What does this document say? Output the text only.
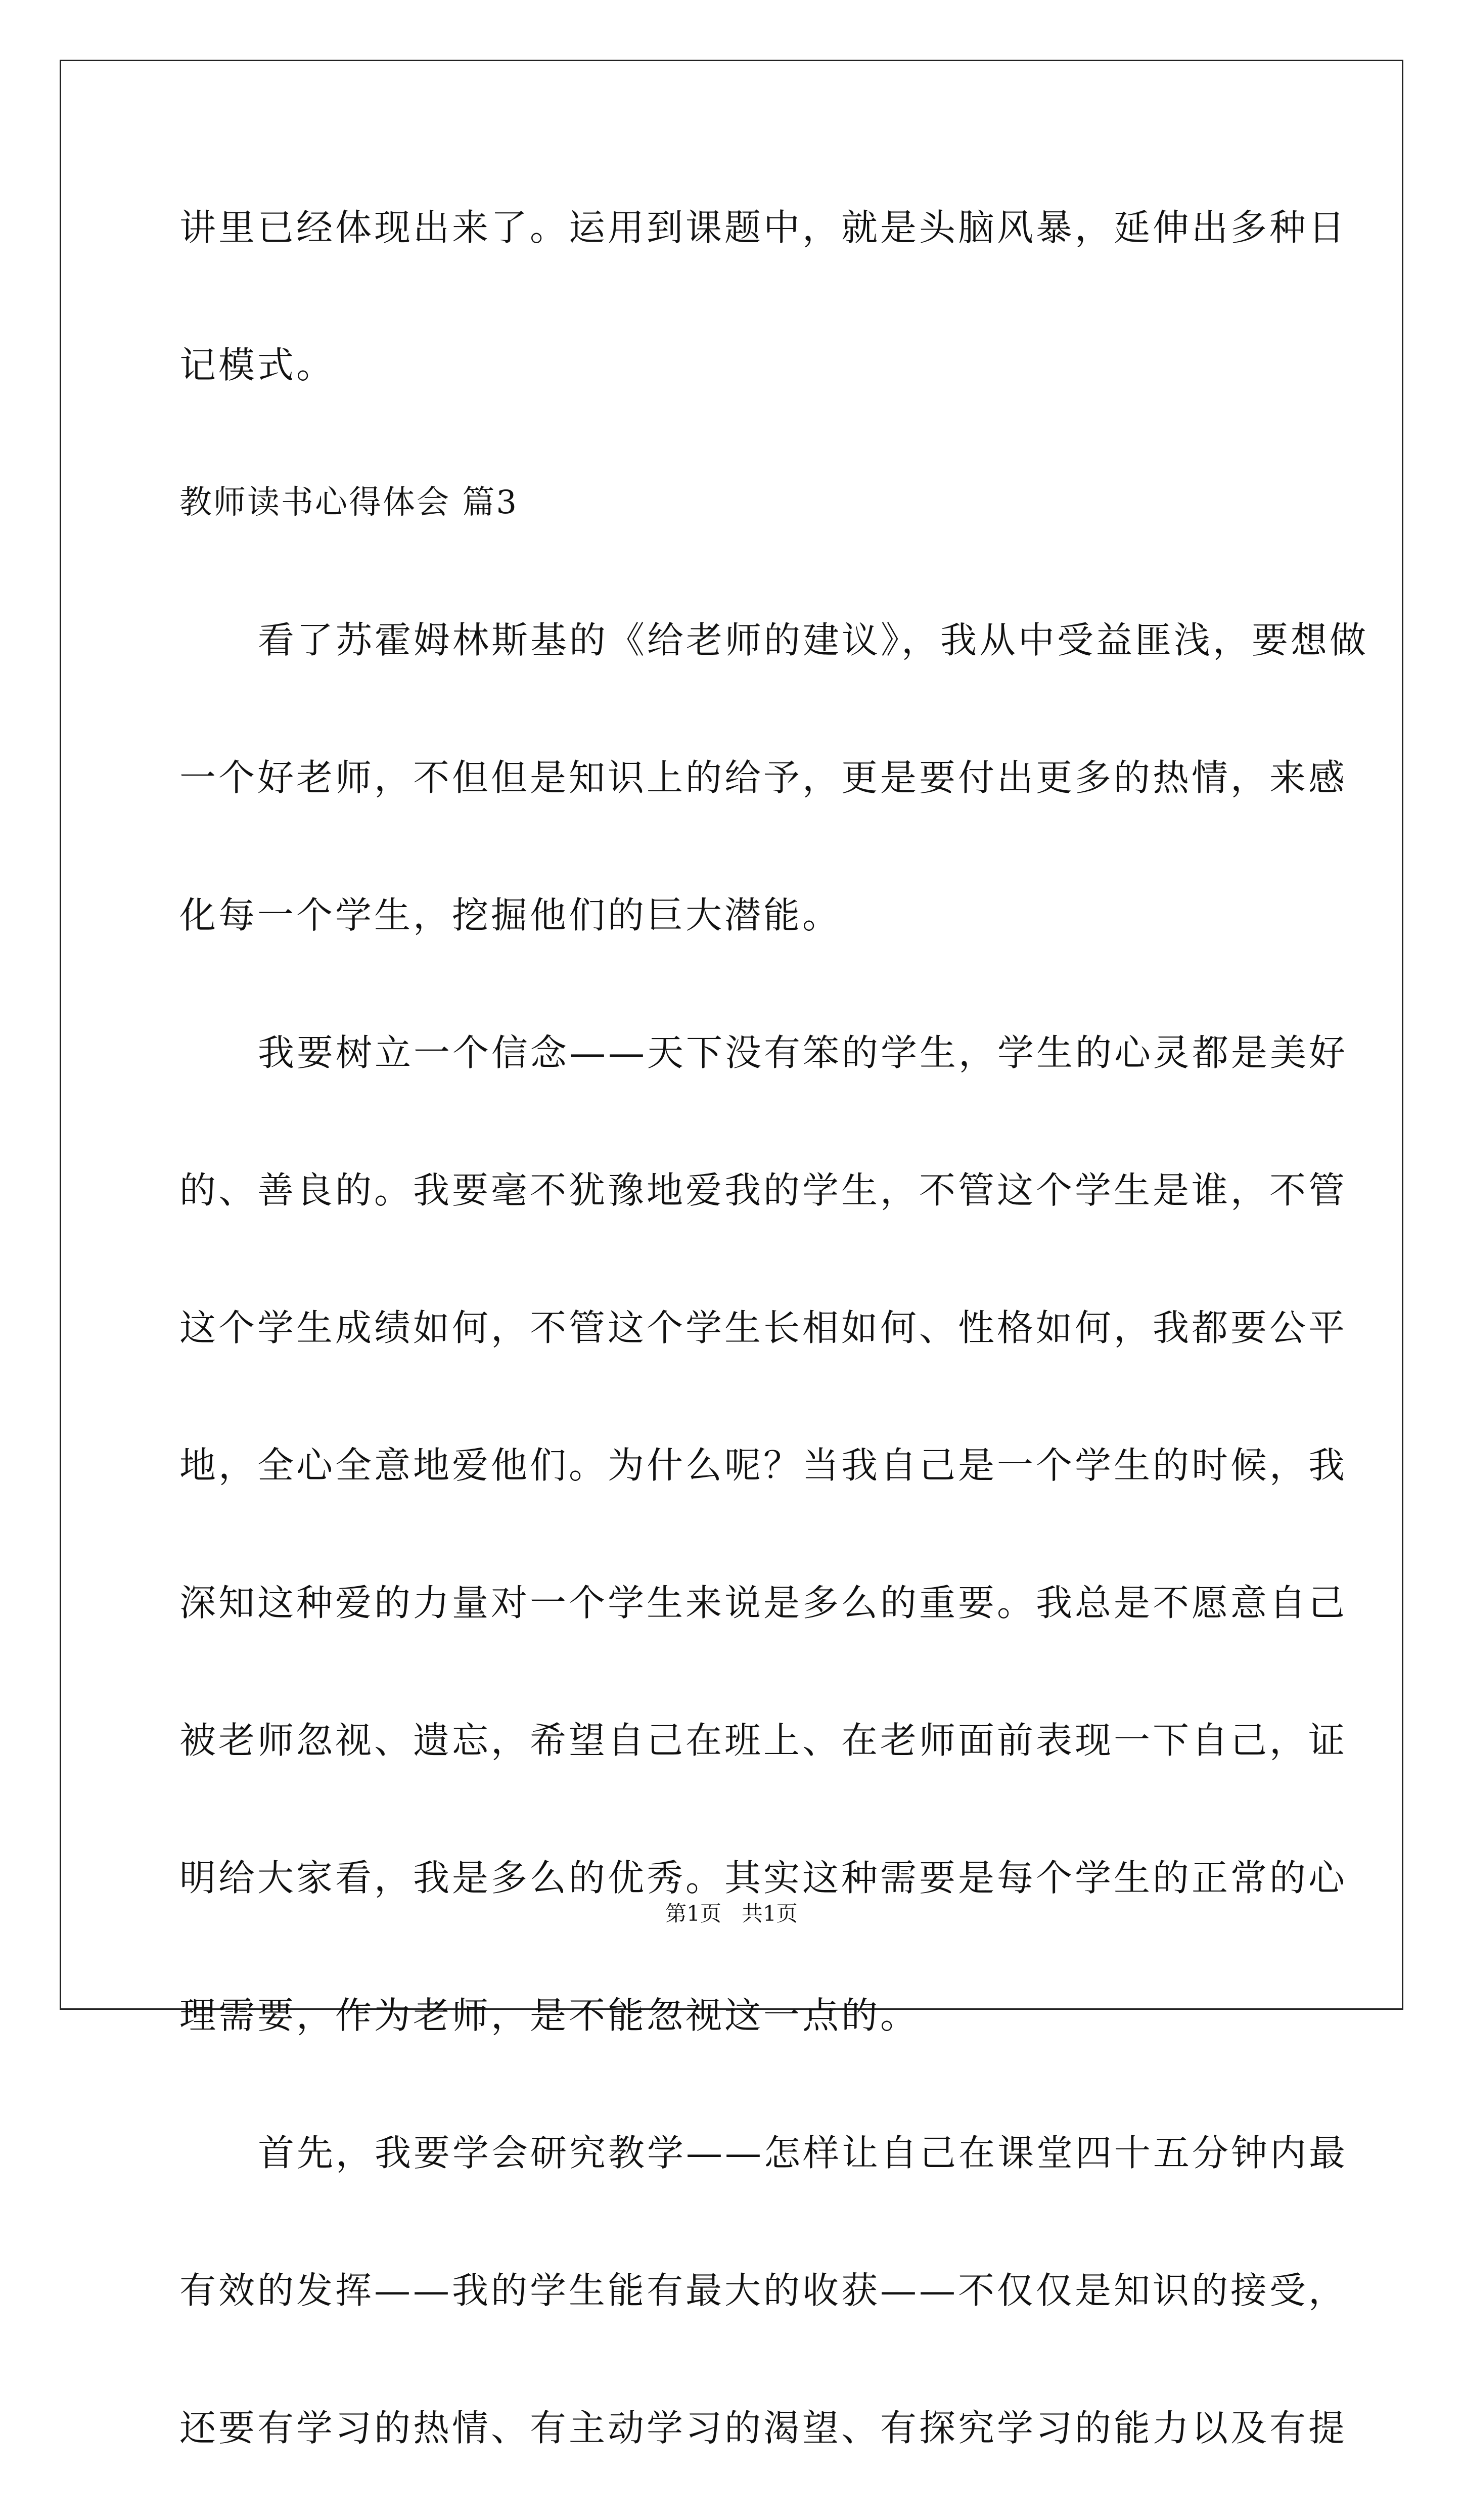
讲里已经体现出来了。运用到课题中，就是头脑风暴，延伸出多种日
记模式。
教师读书心得体会 篇3
看了苏霍姆林斯基的《给老师的建议》，我从中受益匪浅，要想做
一个好老师，不但但是知识上的给予，更是要付出更多的热情，来感
化每一个学生，挖掘他们的巨大潜能。
我要树立一个信念——天下没有笨的学生，学生的心灵都是美好
的、善良的。我要毫不犹豫地爱我的学生，不管这个学生是谁，不管
这个学生成绩如何，不管这个学生长相如何、性格如何，我都要公平
地，全心全意地爱他们。为什么呢？当我自己是一个学生的时候，我
深知这种爱的力量对一个学生来说是多么的重要。我总是不愿意自己
被老师忽视、遗忘，希望自己在班上、在老师面前表现一下自己，证
明给大家看，我是多么的优秀。其实这种需要是每个学生的正常的心
理需要，作为老师，是不能忽视这一点的。
首先，我要学会研究教学——怎样让自己在课堂四十五分钟内最
有效的发挥——我的学生能有最大的收获——不仅仅是知识的接受，
还要有学习的热情、有主动学习的渴望、有探究学习的能力以及有提
第1页   共1页
